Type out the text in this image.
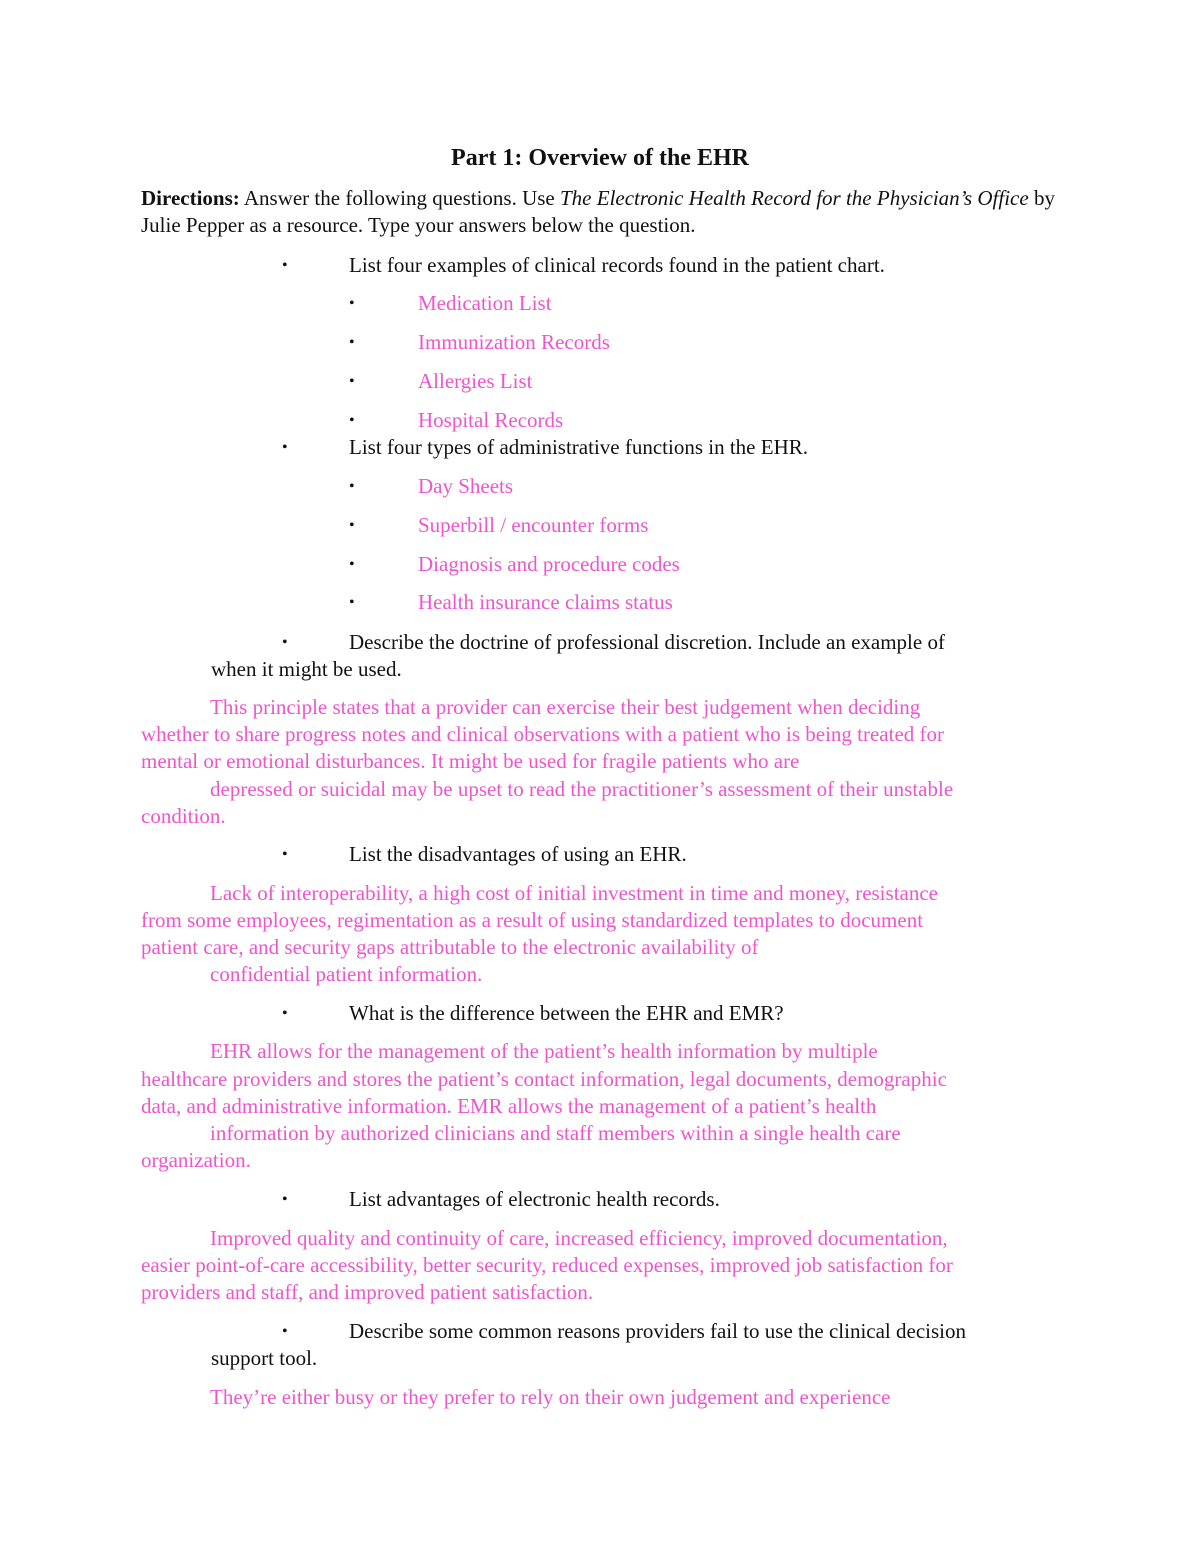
Part 1: Overview of the EHR
Directions: Answer the following questions. Use The Electronic Health Record for the Physician’s Office by Julie Pepper as a resource. Type your answers below the question.
•	List four examples of clinical records found in the patient chart.
•	Medication List
•	Immunization Records
•	Allergies List
•	Hospital Records
•	List four types of administrative functions in the EHR.
•	Day Sheets
•	Superbill / encounter forms
•	Diagnosis and procedure codes
•	Health insurance claims status
•	Describe the doctrine of professional discretion. Include an example of
when it might be used.
This principle states that a provider can exercise their best judgement when deciding
whether to share progress notes and clinical observations with a patient who is being treated for
mental or emotional disturbances. It might be used for fragile patients who are
depressed or suicidal may be upset to read the practitioner’s assessment of their unstable
condition.
•	List the disadvantages of using an EHR.
Lack of interoperability, a high cost of initial investment in time and money, resistance
from some employees, regimentation as a result of using standardized templates to document
patient care, and security gaps attributable to the electronic availability of
confidential patient information.
•	What is the difference between the EHR and EMR?
EHR allows for the management of the patient’s health information by multiple
healthcare providers and stores the patient’s contact information, legal documents, demographic
data, and administrative information. EMR allows the management of a patient’s health
information by authorized clinicians and staff members within a single health care
organization.
•	List advantages of electronic health records.
Improved quality and continuity of care, increased efficiency, improved documentation,
easier point-of-care accessibility, better security, reduced expenses, improved job satisfaction for
providers and staff, and improved patient satisfaction.
•	Describe some common reasons providers fail to use the clinical decision
support tool.
They’re either busy or they prefer to rely on their own judgement and experience
